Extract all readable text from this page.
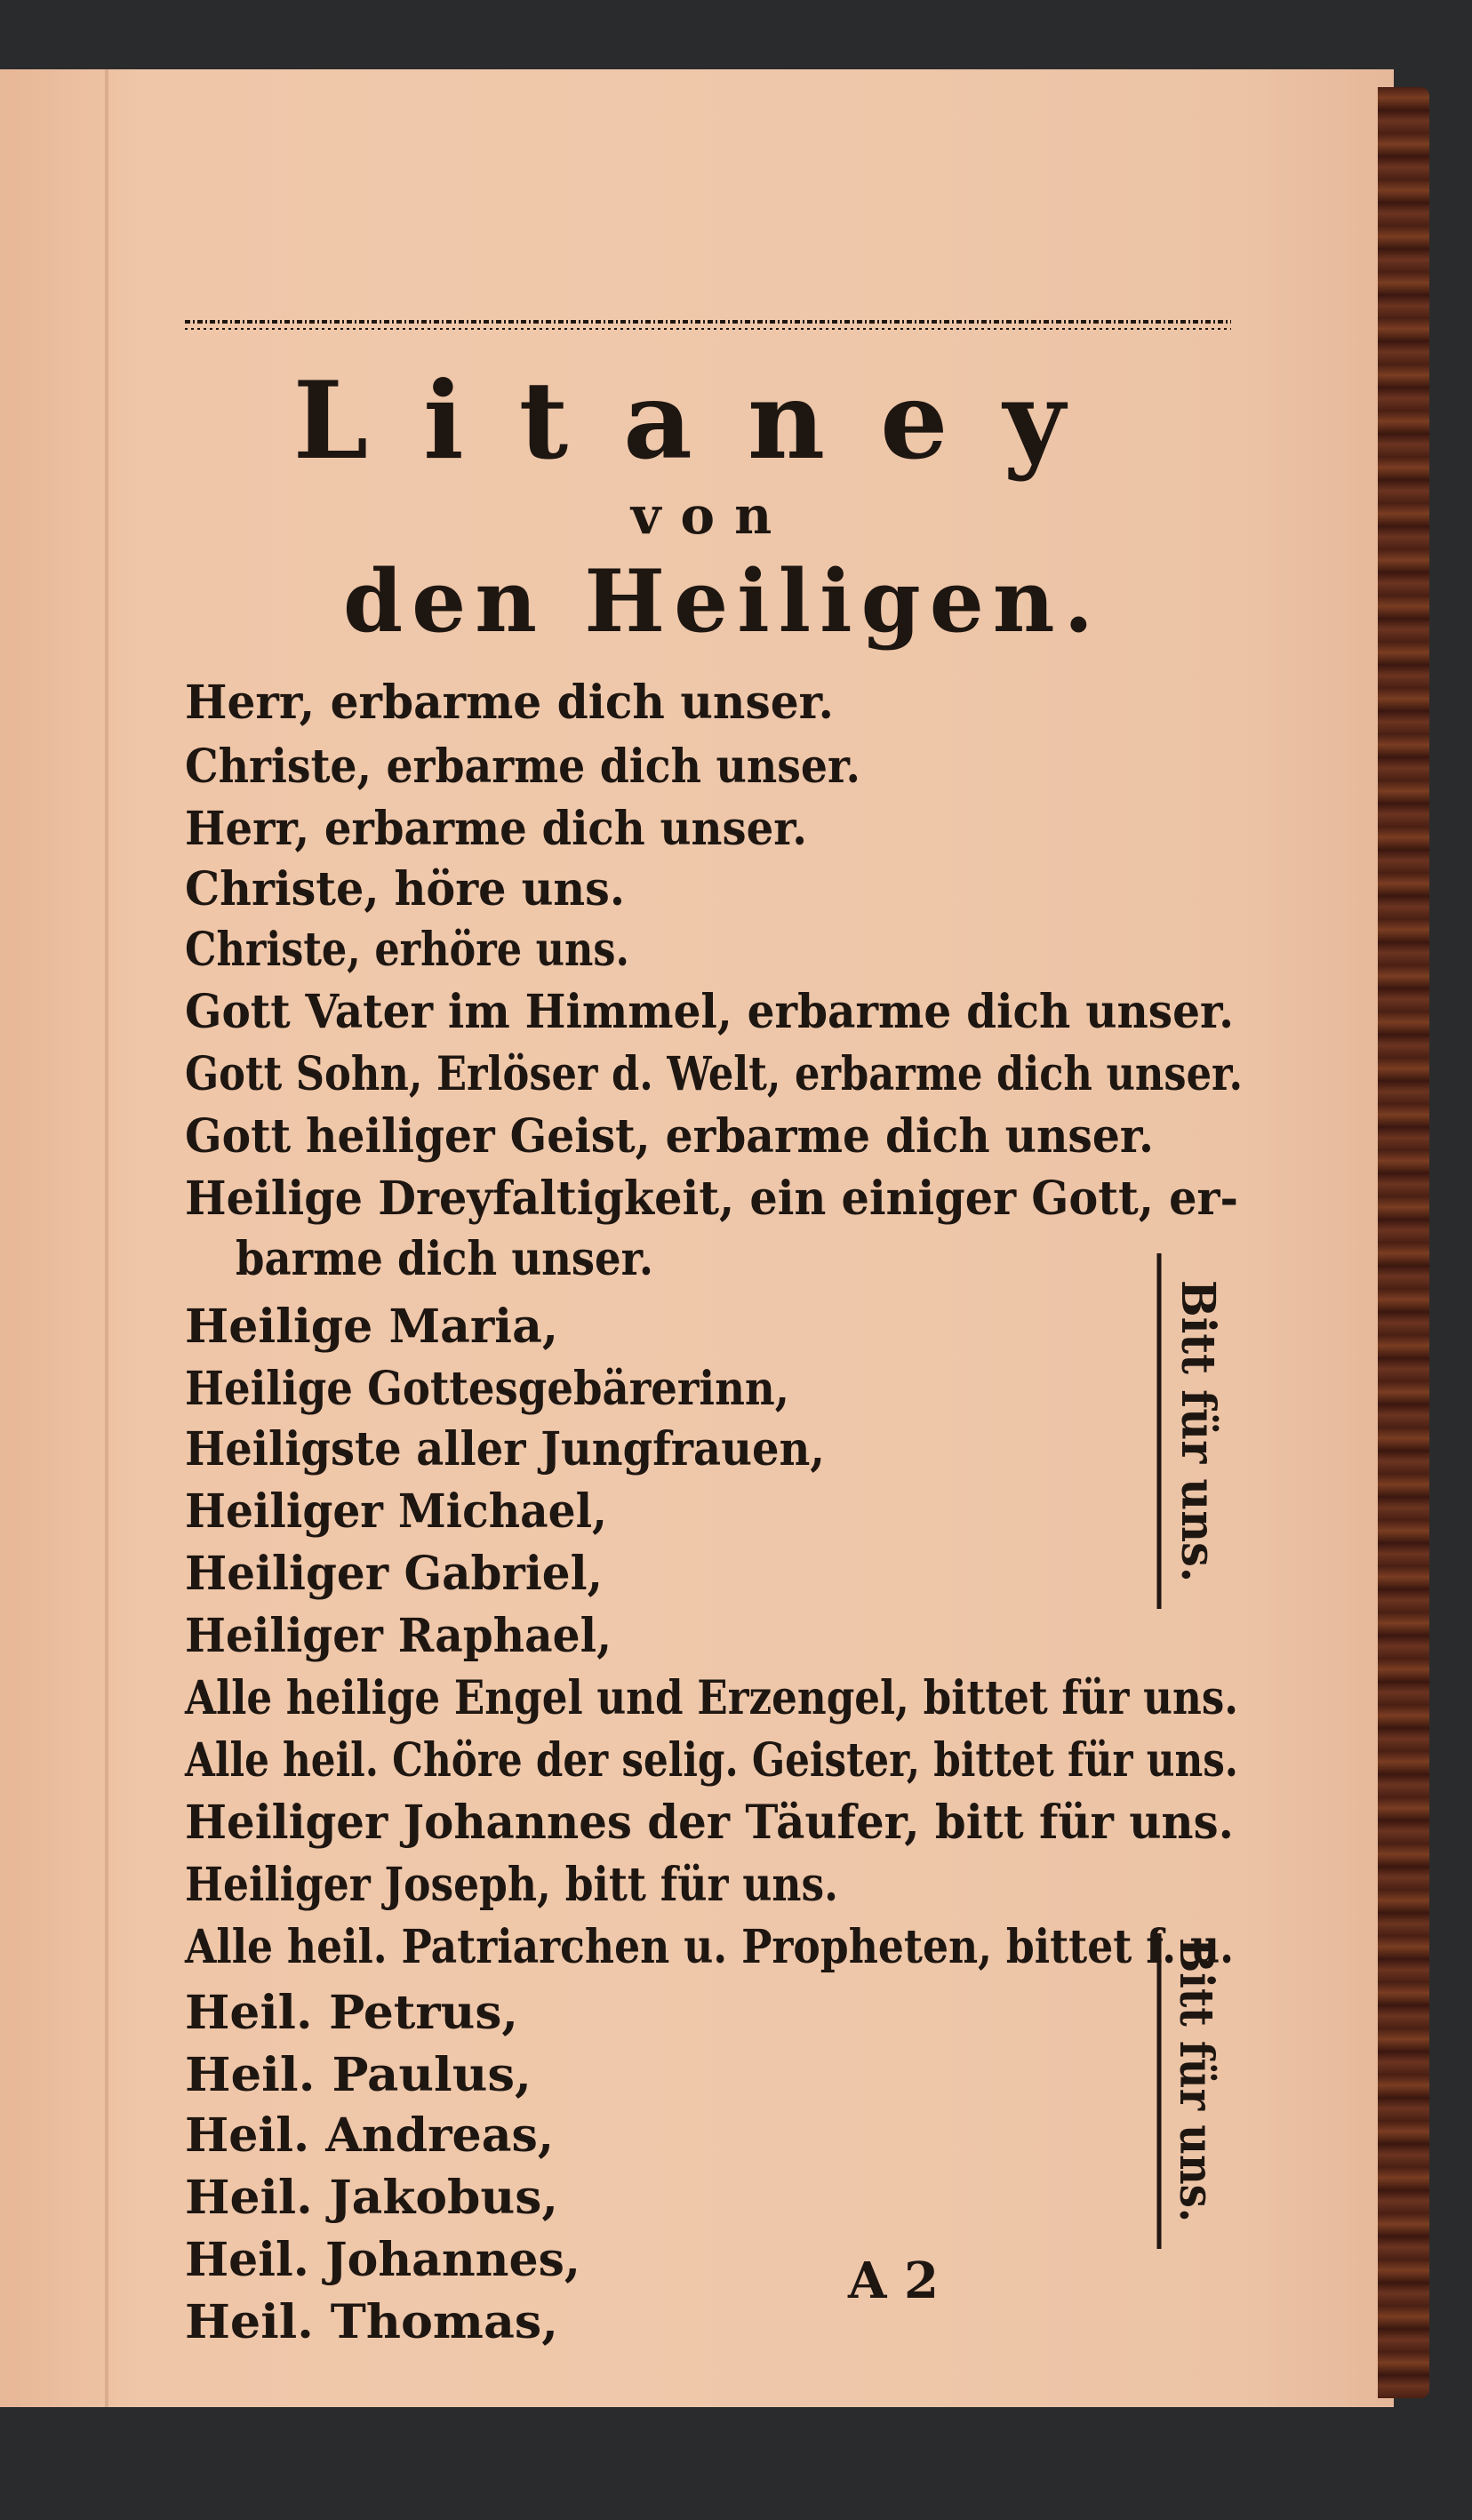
Litaney
von
den Heiligen.
Herr, erbarme dich unser.
Christe, erbarme dich unser.
Herr, erbarme dich unser.
Christe, höre uns.
Christe, erhöre uns.
Gott Vater im Himmel, erbarme dich unser.
Gott Sohn, Erlöser d. Welt, erbarme dich unser.
Gott heiliger Geist, erbarme dich unser.
Heilige Dreyfaltigkeit, ein einiger Gott, er-
barme dich unser.
Heilige Maria,
Heilige Gottesgebärerinn,
Heiligste aller Jungfrauen,
Heiliger Michael,
Heiliger Gabriel,
Heiliger Raphael,
Bitt für uns.
Alle heilige Engel und Erzengel, bittet für uns.
Alle heil. Chöre der selig. Geister, bittet für uns.
Heiliger Johannes der Täufer, bitt für uns.
Heiliger Joseph, bitt für uns.
Alle heil. Patriarchen u. Propheten, bittet f. u.
Heil. Petrus,
Heil. Paulus,
Heil. Andreas,
Heil. Jakobus,
Heil. Johannes,
Heil. Thomas,
Bitt für uns.
A 2
